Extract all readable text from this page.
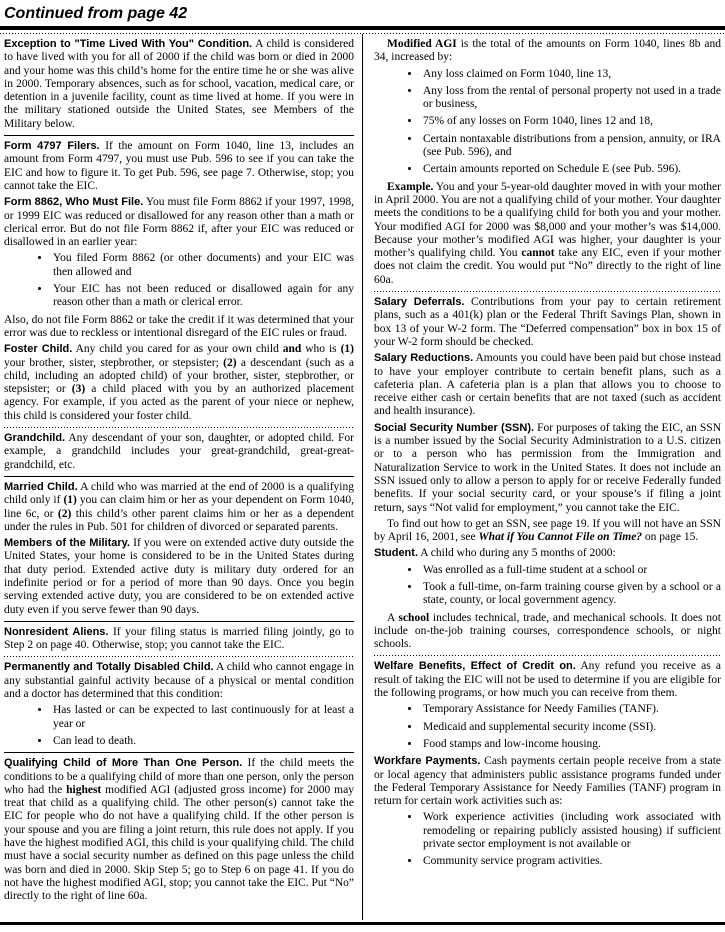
Continued from page 42

Exception to "Time Lived With You" Condition. A child is considered to have lived with you for all of 2000 if the child was born or died in 2000 and your home was this child’s home for the entire time he or she was alive in 2000. Temporary absences, such as for school, vacation, medical care, or detention in a juvenile facility, count as time lived at home. If you were in the military stationed outside the United States, see Members of the Military below.

Form 4797 Filers. If the amount on Form 1040, line 13, includes an amount from Form 4797, you must use Pub. 596 to see if you can take the EIC and how to figure it. To get Pub. 596, see page 7. Otherwise, stop; you cannot take the EIC.

Form 8862, Who Must File. You must file Form 8862 if your 1997, 1998, or 1999 EIC was reduced or disallowed for any reason other than a math or clerical error. But do not file Form 8862 if, after your EIC was reduced or disallowed in an earlier year:

• You filed Form 8862 (or other documents) and your EIC was then allowed and
• Your EIC has not been reduced or disallowed again for any reason other than a math or clerical error.

Also, do not file Form 8862 or take the credit if it was determined that your error was due to reckless or intentional disregard of the EIC rules or fraud.

Foster Child. Any child you cared for as your own child and who is (1) your brother, sister, stepbrother, or stepsister; (2) a descendant (such as a child, including an adopted child) of your brother, sister, stepbrother, or stepsister; or (3) a child placed with you by an authorized placement agency. For example, if you acted as the parent of your niece or nephew, this child is considered your foster child.

Grandchild. Any descendant of your son, daughter, or adopted child. For example, a grandchild includes your great-grandchild, great-great-grandchild, etc.

Married Child. A child who was married at the end of 2000 is a qualifying child only if (1) you can claim him or her as your dependent on Form 1040, line 6c, or (2) this child’s other parent claims him or her as a dependent under the rules in Pub. 501 for children of divorced or separated parents.

Members of the Military. If you were on extended active duty outside the United States, your home is considered to be in the United States during that duty period. Extended active duty is military duty ordered for an indefinite period or for a period of more than 90 days. Once you begin serving extended active duty, you are considered to be on extended active duty even if you serve fewer than 90 days.

Nonresident Aliens. If your filing status is married filing jointly, go to Step 2 on page 40. Otherwise, stop; you cannot take the EIC.

Permanently and Totally Disabled Child. A child who cannot engage in any substantial gainful activity because of a physical or mental condition and a doctor has determined that this condition:

• Has lasted or can be expected to last continuously for at least a year or
• Can lead to death.

Qualifying Child of More Than One Person. If the child meets the conditions to be a qualifying child of more than one person, only the person who had the highest modified AGI (adjusted gross income) for 2000 may treat that child as a qualifying child. The other person(s) cannot take the EIC for people who do not have a qualifying child. If the other person is your spouse and you are filing a joint return, this rule does not apply. If you have the highest modified AGI, this child is your qualifying child. The child must have a social security number as defined on this page unless the child was born and died in 2000. Skip Step 5; go to Step 6 on page 41. If you do not have the highest modified AGI, stop; you cannot take the EIC. Put “No” directly to the right of line 60a.

Modified AGI is the total of the amounts on Form 1040, lines 8b and 34, increased by:

• Any loss claimed on Form 1040, line 13,
• Any loss from the rental of personal property not used in a trade or business,
• 75% of any losses on Form 1040, lines 12 and 18,
• Certain nontaxable distributions from a pension, annuity, or IRA (see Pub. 596), and
• Certain amounts reported on Schedule E (see Pub. 596).

Example. You and your 5-year-old daughter moved in with your mother in April 2000. You are not a qualifying child of your mother. Your daughter meets the conditions to be a qualifying child for both you and your mother. Your modified AGI for 2000 was $8,000 and your mother’s was $14,000. Because your mother’s modified AGI was higher, your daughter is your mother’s qualifying child. You cannot take any EIC, even if your mother does not claim the credit. You would put “No” directly to the right of line 60a.

Salary Deferrals. Contributions from your pay to certain retirement plans, such as a 401(k) plan or the Federal Thrift Savings Plan, shown in box 13 of your W-2 form. The “Deferred compensation” box in box 15 of your W-2 form should be checked.

Salary Reductions. Amounts you could have been paid but chose instead to have your employer contribute to certain benefit plans, such as a cafeteria plan. A cafeteria plan is a plan that allows you to choose to receive either cash or certain benefits that are not taxed (such as accident and health insurance).

Social Security Number (SSN). For purposes of taking the EIC, an SSN is a number issued by the Social Security Administration to a U.S. citizen or to a person who has permission from the Immigration and Naturalization Service to work in the United States. It does not include an SSN issued only to allow a person to apply for or receive Federally funded benefits. If your social security card, or your spouse’s if filing a joint return, says “Not valid for employment,” you cannot take the EIC.

To find out how to get an SSN, see page 19. If you will not have an SSN by April 16, 2001, see What if You Cannot File on Time? on page 15.

Student. A child who during any 5 months of 2000:

• Was enrolled as a full-time student at a school or
• Took a full-time, on-farm training course given by a school or a state, county, or local government agency.

A school includes technical, trade, and mechanical schools. It does not include on-the-job training courses, correspondence schools, or night schools.

Welfare Benefits, Effect of Credit on. Any refund you receive as a result of taking the EIC will not be used to determine if you are eligible for the following programs, or how much you can receive from them.

• Temporary Assistance for Needy Families (TANF).
• Medicaid and supplemental security income (SSI).
• Food stamps and low-income housing.

Workfare Payments. Cash payments certain people receive from a state or local agency that administers public assistance programs funded under the Federal Temporary Assistance for Needy Families (TANF) program in return for certain work activities such as:

• Work experience activities (including work associated with remodeling or repairing publicly assisted housing) if sufficient private sector employment is not available or
• Community service program activities.
